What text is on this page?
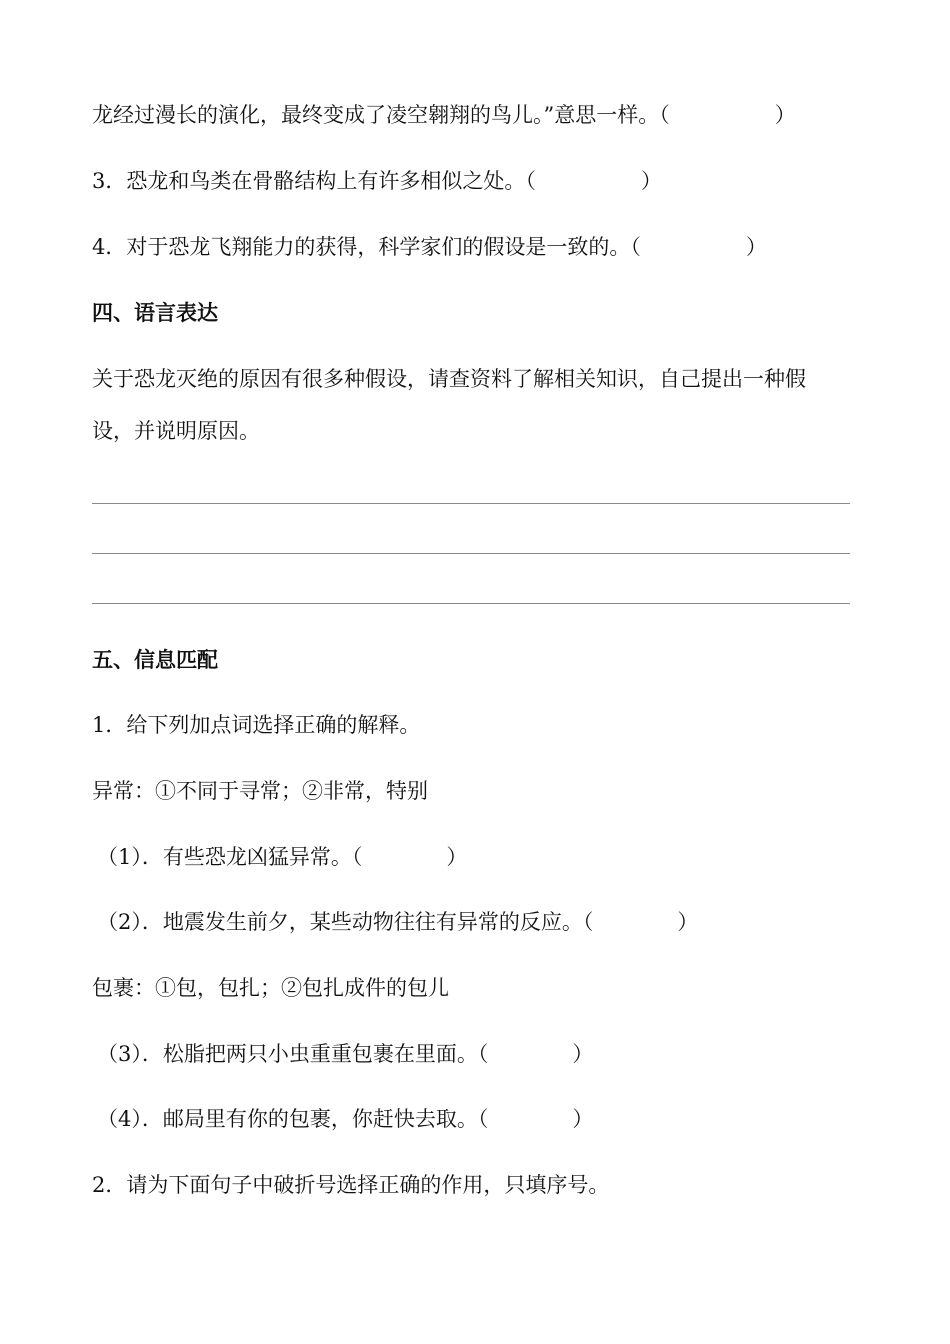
龙经过漫长的演化，最终变成了凌空翱翔的鸟儿。”意思一样。（　　　　　）
3．恐龙和鸟类在骨骼结构上有许多相似之处。（　　　　　）
4．对于恐龙飞翔能力的获得，科学家们的假设是一致的。（　　　　　）
四、语言表达
关于恐龙灭绝的原因有很多种假设，请查资料了解相关知识，自己提出一种假
设，并说明原因。
五、信息匹配
1．给下列加点词选择正确的解释。
异常：①不同于寻常；②非常，特别
（1）．有些恐龙凶猛异常。（　　　　）
（2）．地震发生前夕，某些动物往往有异常的反应。（　　　　）
包裹：①包，包扎；②包扎成件的包儿
（3）．松脂把两只小虫重重包裹在里面。（　　　　）
（4）．邮局里有你的包裹，你赶快去取。（　　　　）
2．请为下面句子中破折号选择正确的作用，只填序号。
